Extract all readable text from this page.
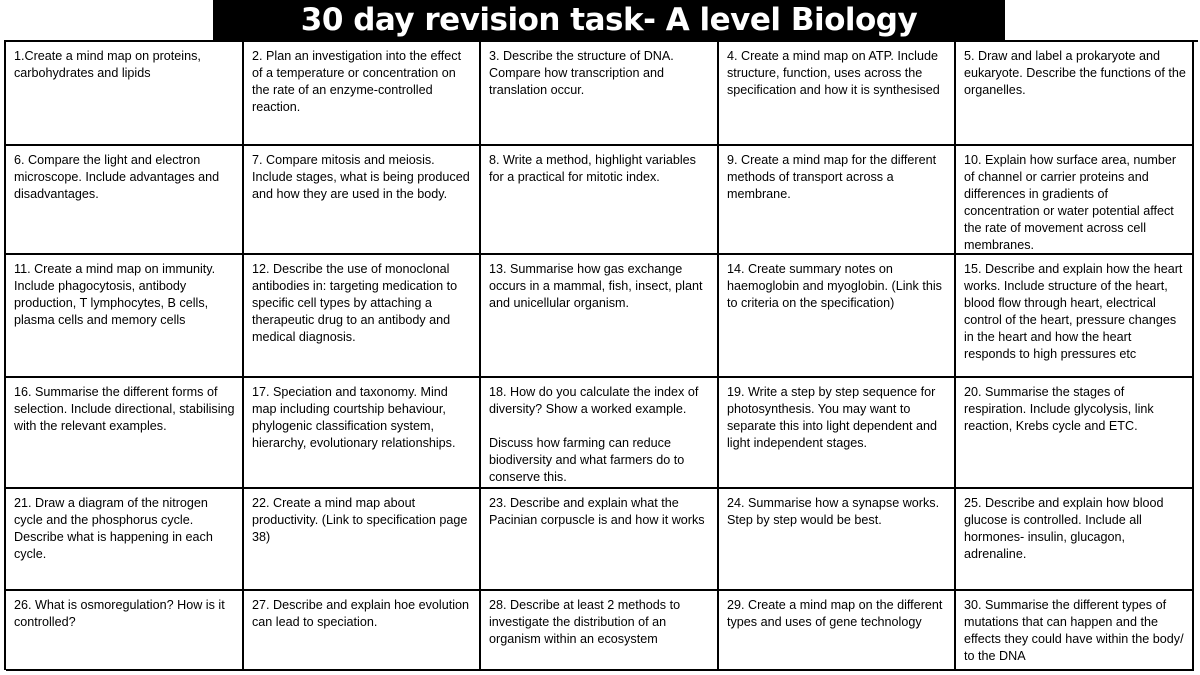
30 day revision task- A level Biology
1.Create a mind map on proteins, carbohydrates and lipids
2. Plan an investigation into the effect of a temperature or concentration on the rate of an enzyme-controlled reaction.
3. Describe the structure of DNA. Compare how transcription and translation occur.
4. Create a mind map on ATP. Include structure, function, uses across the specification and how it is synthesised
5. Draw and label a prokaryote and eukaryote. Describe the functions of the organelles.
6. Compare the light and electron microscope. Include advantages and disadvantages.
7. Compare mitosis and meiosis. Include stages, what is being produced and how they are used in the body.
8. Write a method, highlight variables for a practical for mitotic index.
9. Create a mind map for the different methods of transport across a membrane.
10. Explain how surface area, number of channel or carrier proteins and differences in gradients of concentration or water potential affect the rate of movement across cell membranes.
11. Create a mind map on immunity. Include phagocytosis, antibody production, T lymphocytes, B cells, plasma cells and memory cells
12. Describe the use of monoclonal antibodies in: targeting medication to specific cell types by attaching a therapeutic drug to an antibody and medical diagnosis.
13. Summarise how gas exchange occurs in a mammal, fish, insect, plant and unicellular organism.
14. Create summary notes on haemoglobin and myoglobin. (Link this to criteria on the specification)
15. Describe and explain how the heart works. Include structure of the heart, blood flow through heart, electrical control of the heart, pressure changes in the heart and how the heart responds to high pressures etc
16. Summarise the different forms of selection. Include directional, stabilising with the relevant examples.
17. Speciation and taxonomy. Mind map including courtship behaviour, phylogenic classification system, hierarchy, evolutionary relationships.
18. How do you calculate the index of diversity? Show a worked example.

Discuss how farming can reduce biodiversity and what farmers do to conserve this.
19. Write a step by step sequence for photosynthesis. You may want to separate this into light dependent and light independent stages.
20. Summarise the stages of respiration. Include glycolysis, link reaction, Krebs cycle and ETC.
21. Draw a diagram of the nitrogen cycle and the phosphorus cycle. Describe what is happening in each cycle.
22. Create a mind map about productivity. (Link to specification page 38)
23. Describe and explain what the Pacinian corpuscle is and how it works
24. Summarise how a synapse works. Step by step would be best.
25. Describe and explain how blood glucose is controlled. Include all hormones- insulin, glucagon, adrenaline.
26. What is osmoregulation? How is it controlled?
27. Describe and explain hoe evolution can lead to speciation.
28. Describe at least 2 methods to investigate the distribution of an organism within an ecosystem
29. Create a mind map on the different types and uses of gene technology
30. Summarise the different types of mutations that can happen and the effects they could have within the body/ to the DNA
